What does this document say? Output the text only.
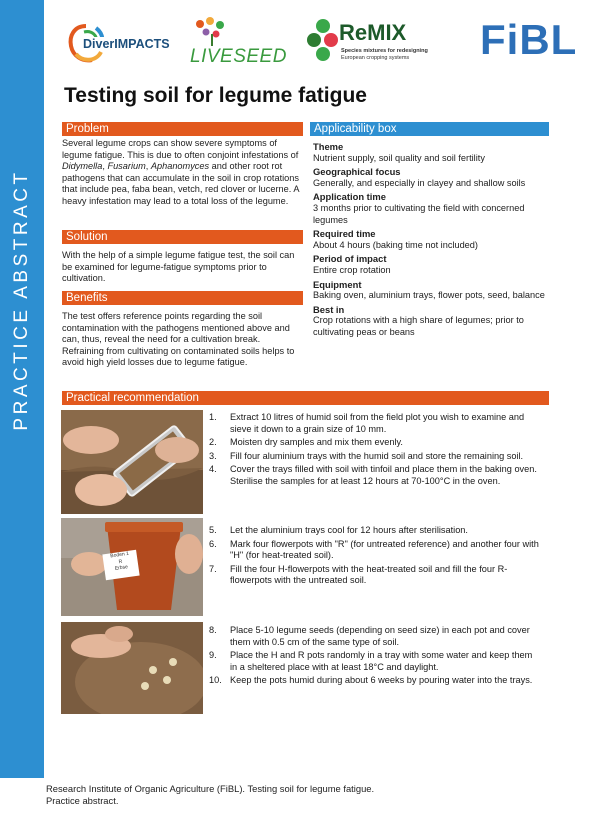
PRACTICE ABSTRACT
DiverIMPACTS
LIVESEED
ReMIX
Species mixtures for redesigning
European cropping systems FiBL
Testing soil for legume fatigue
Problem
Several legume crops can show severe symptoms of legume fatigue. This is due to often conjoint infestations of Didymella, Fusarium, Aphanomyces and other root rot pathogens that can accumulate in the soil in crop rotations that include pea, faba bean, vetch, red clover or lucerne. A heavy infestation may lead to a total loss of the legume.
Solution
With the help of a simple legume fatigue test, the soil can be examined for legume-fatigue symptoms prior to cultivation.
Benefits
The test offers reference points regarding the soil contamination with the pathogens mentioned above and can, thus, reveal the need for a cultivation break. Refraining from cultivating on contaminated soils helps to avoid high yield losses due to legume fatigue.
Applicability box
Theme
Nutrient supply, soil quality and soil fertility
Geographical focus
Generally, and especially in clayey and shallow soils
Application time
3 months prior to cultivating the field with concerned legumes
Required time
About 4 hours (baking time not included)
Period of impact
Entire crop rotation
Equipment
Baking oven, aluminium trays, flower pots, seed, balance
Best in
Crop rotations with a high share of legumes; prior to cultivating peas or beans
Practical recommendation
Boden 1
R
Erbse
1. Extract 10 litres of humid soil from the field plot you wish to examine and sieve it down to a grain size of 10 mm.
2. Moisten dry samples and mix them evenly.
3. Fill four aluminium trays with the humid soil and store the remaining soil.
4. Cover the trays filled with soil with tinfoil and place them in the baking oven. Sterilise the samples for at least 12 hours at 70-100°C in the oven.
5. Let the aluminium trays cool for 12 hours after sterilisation.
6. Mark four flowerpots with "R" (for untreated reference) and another four with "H" (for heat-treated soil).
7. Fill the four H-flowerpots with the heat-treated soil and fill the four R-flowerpots with the untreated soil.
8. Place 5-10 legume seeds (depending on seed size) in each pot and cover them with 0.5 cm of the same type of soil.
9. Place the H and R pots randomly in a tray with some water and keep them in a sheltered place with at least 18°C and daylight.
10. Keep the pots humid during about 6 weeks by pouring water into the trays.
Research Institute of Organic Agriculture (FiBL). Testing soil for legume fatigue.
Practice abstract.
